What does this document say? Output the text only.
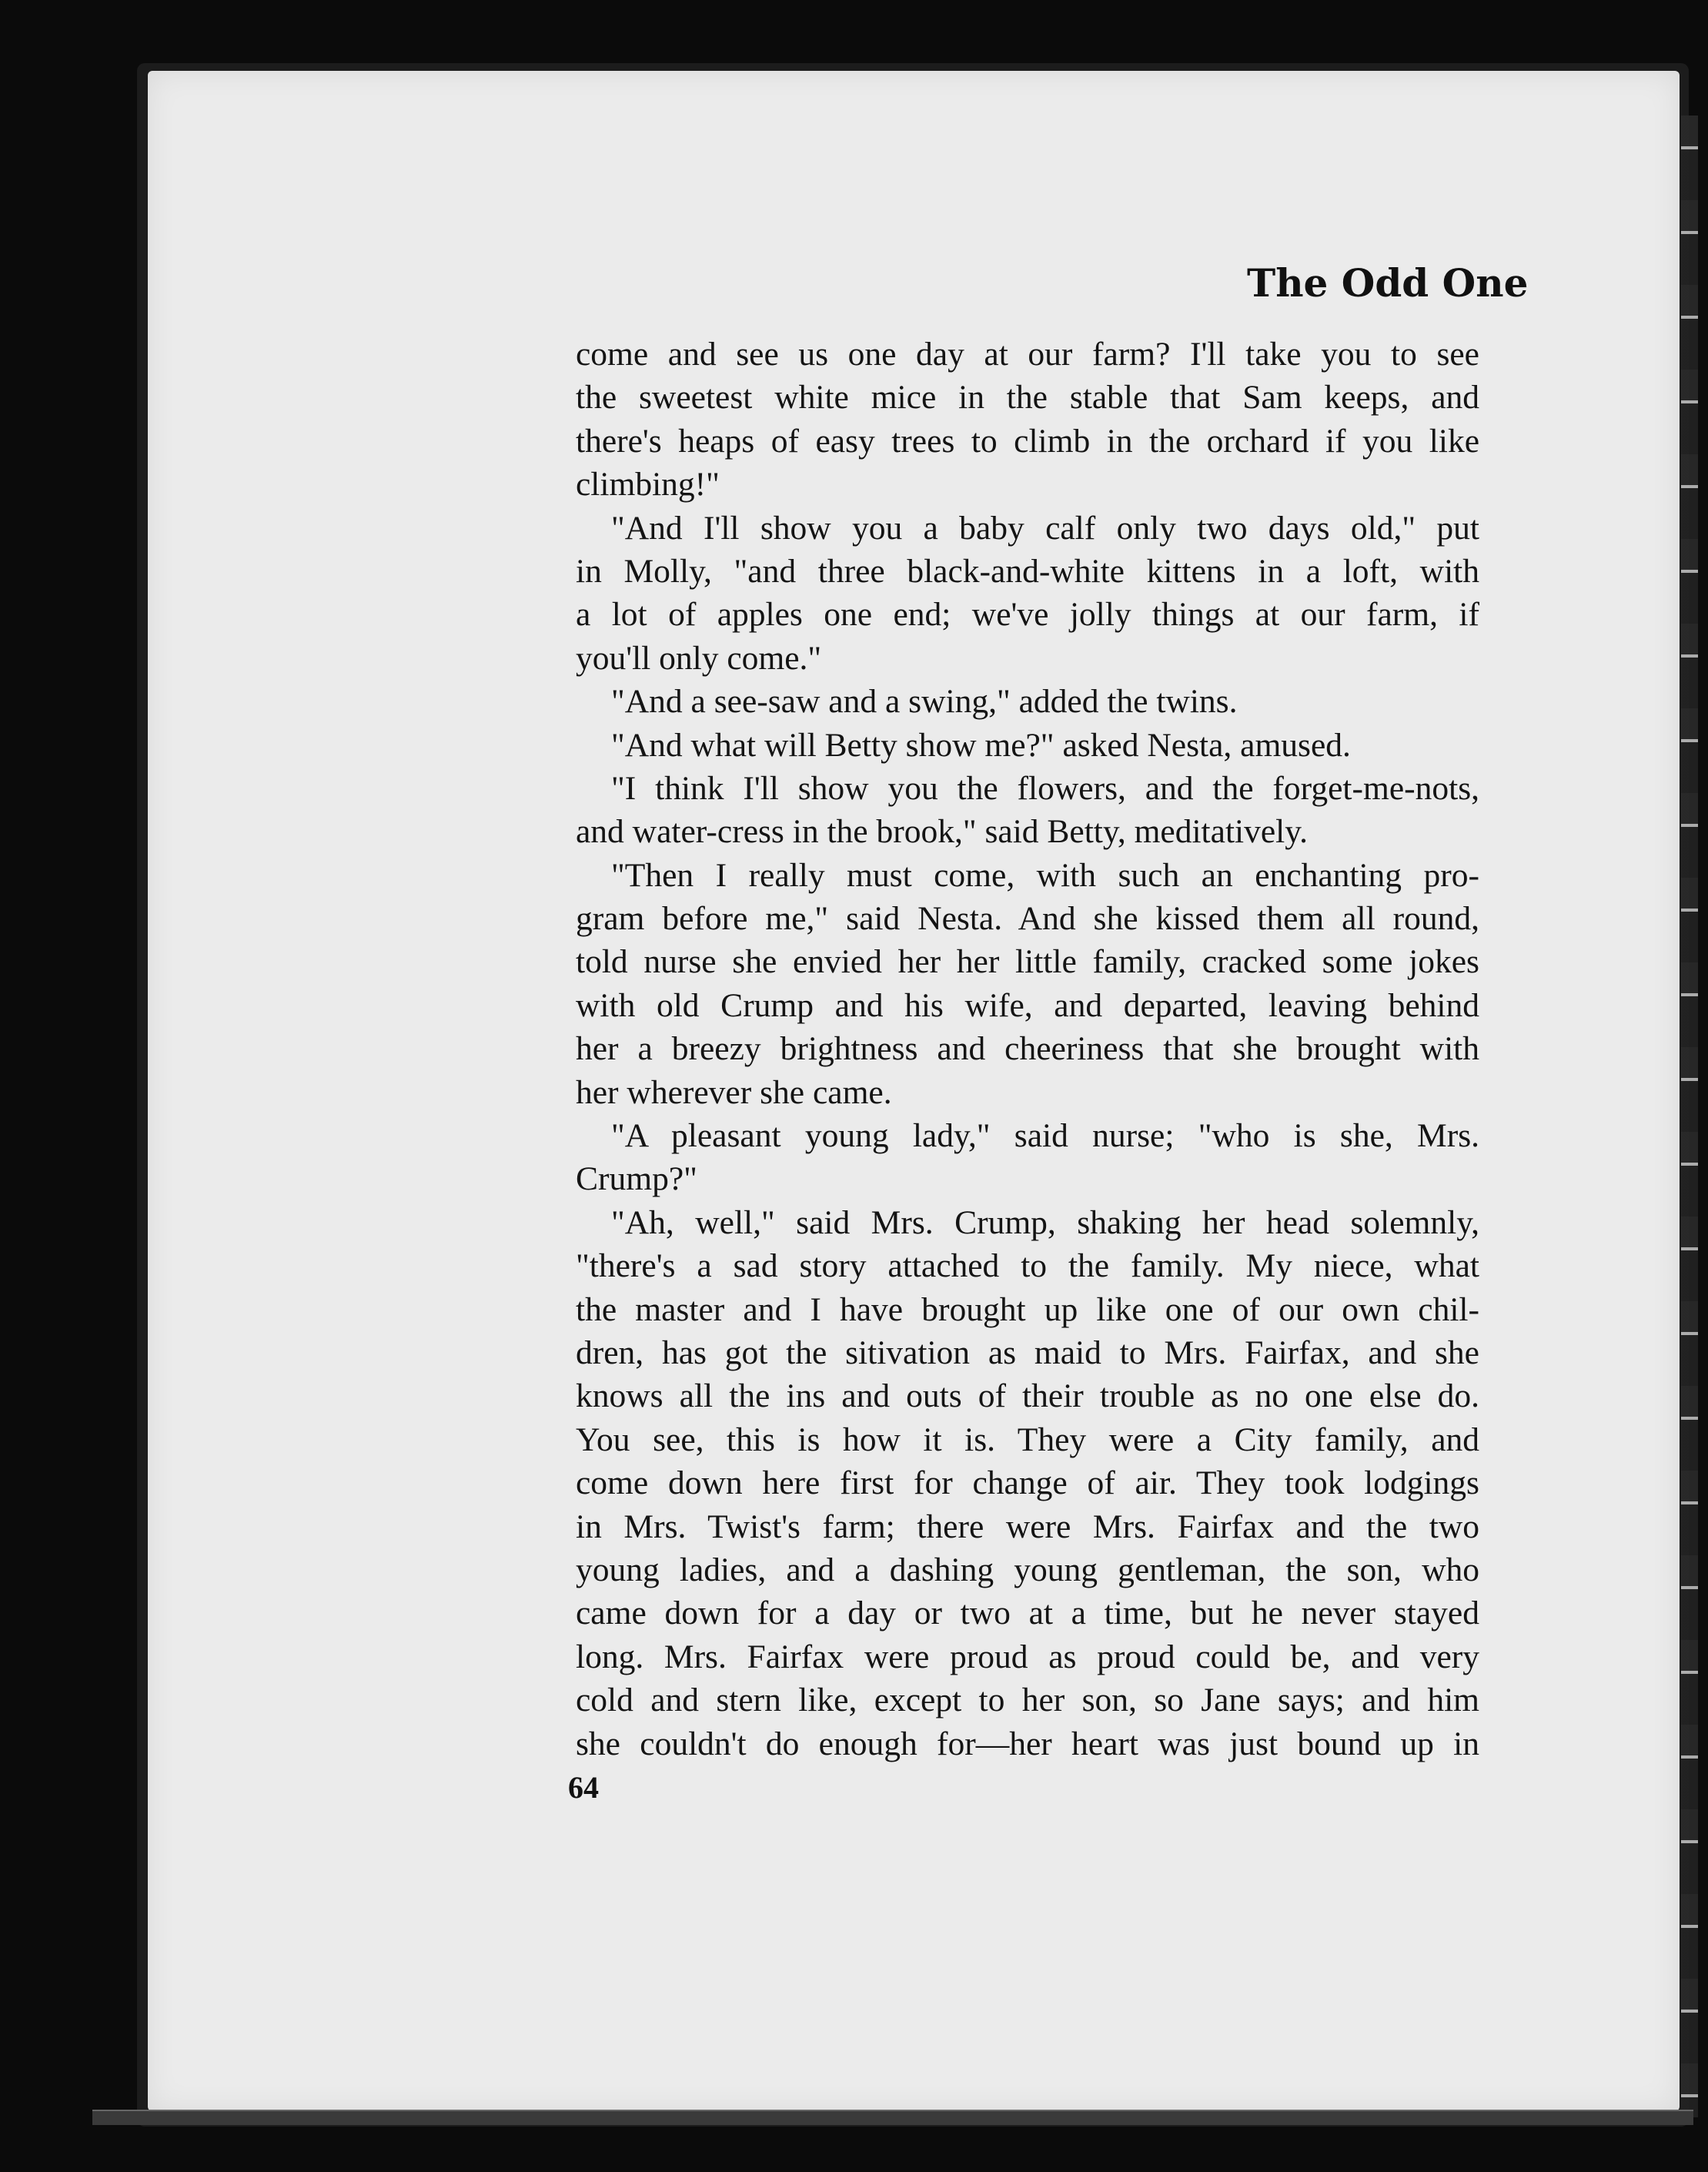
The Odd One
come and see us one day at our farm? I'll take you to see
the sweetest white mice in the stable that Sam keeps, and
there's heaps of easy trees to climb in the orchard if you like
climbing!"
"And I'll show you a baby calf only two days old," put
in Molly, "and three black-and-white kittens in a loft, with
a lot of apples one end; we've jolly things at our farm, if
you'll only come."
"And a see-saw and a swing," added the twins.
"And what will Betty show me?" asked Nesta, amused.
"I think I'll show you the flowers, and the forget-me-nots,
and water-cress in the brook," said Betty, meditatively.
"Then I really must come, with such an enchanting pro-
gram before me," said Nesta. And she kissed them all round,
told nurse she envied her her little family, cracked some jokes
with old Crump and his wife, and departed, leaving behind
her a breezy brightness and cheeriness that she brought with
her wherever she came.
"A pleasant young lady," said nurse; "who is she, Mrs.
Crump?"
"Ah, well," said Mrs. Crump, shaking her head solemnly,
"there's a sad story attached to the family. My niece, what
the master and I have brought up like one of our own chil-
dren, has got the sitivation as maid to Mrs. Fairfax, and she
knows all the ins and outs of their trouble as no one else do.
You see, this is how it is. They were a City family, and
come down here first for change of air. They took lodgings
in Mrs. Twist's farm; there were Mrs. Fairfax and the two
young ladies, and a dashing young gentleman, the son, who
came down for a day or two at a time, but he never stayed
long. Mrs. Fairfax were proud as proud could be, and very
cold and stern like, except to her son, so Jane says; and him
she couldn't do enough for—her heart was just bound up in
64
